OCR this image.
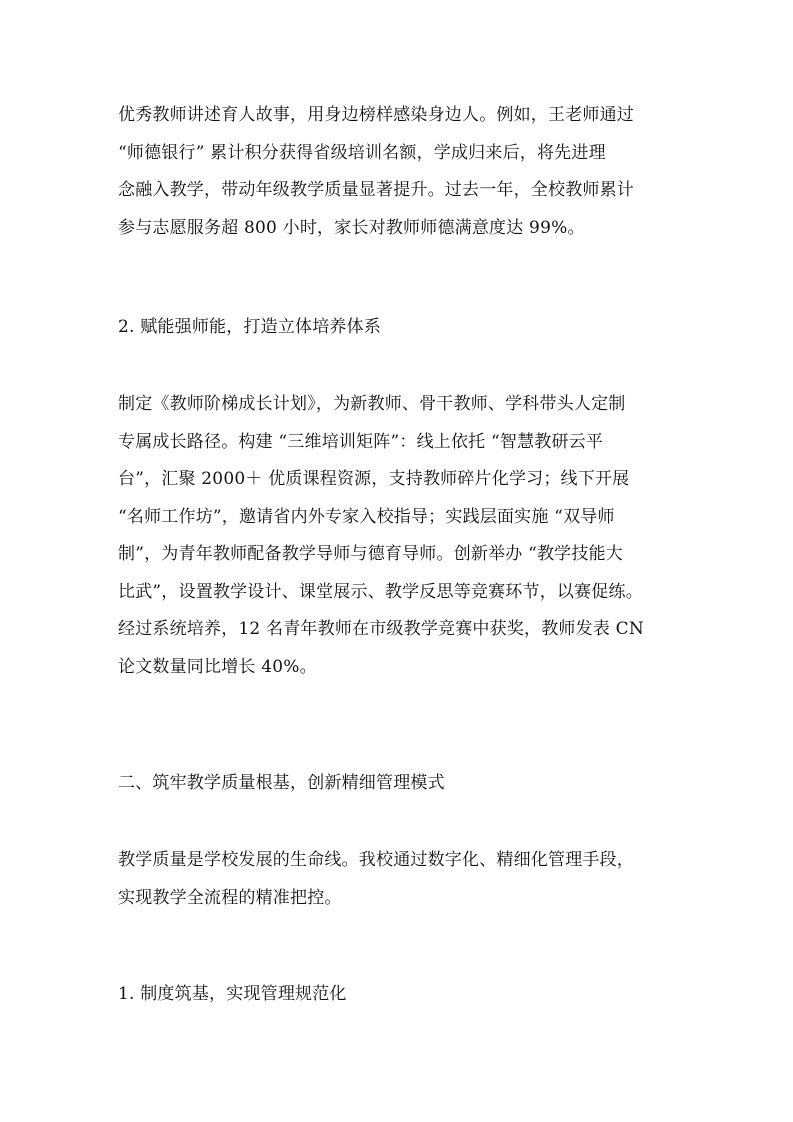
优秀教师讲述育人故事，用身边榜样感染身边人。例如，王老师通过
“师德银行” 累计积分获得省级培训名额，学成归来后，将先进理
念融入教学，带动年级教学质量显著提升。过去一年，全校教师累计
参与志愿服务超 800 小时，家长对教师师德满意度达 99%。
2. 赋能强师能，打造立体培养体系
制定《教师阶梯成长计划》，为新教师、骨干教师、学科带头人定制
专属成长路径。构建 “三维培训矩阵”：线上依托 “智慧教研云平
台”，汇聚 2000＋ 优质课程资源，支持教师碎片化学习；线下开展
“名师工作坊”，邀请省内外专家入校指导；实践层面实施 “双导师
制”，为青年教师配备教学导师与德育导师。创新举办 “教学技能大
比武”，设置教学设计、课堂展示、教学反思等竞赛环节，以赛促练。
经过系统培养，12 名青年教师在市级教学竞赛中获奖，教师发表 CN
论文数量同比增长 40%。
二、筑牢教学质量根基，创新精细管理模式
教学质量是学校发展的生命线。我校通过数字化、精细化管理手段，
实现教学全流程的精准把控。
1. 制度筑基，实现管理规范化
